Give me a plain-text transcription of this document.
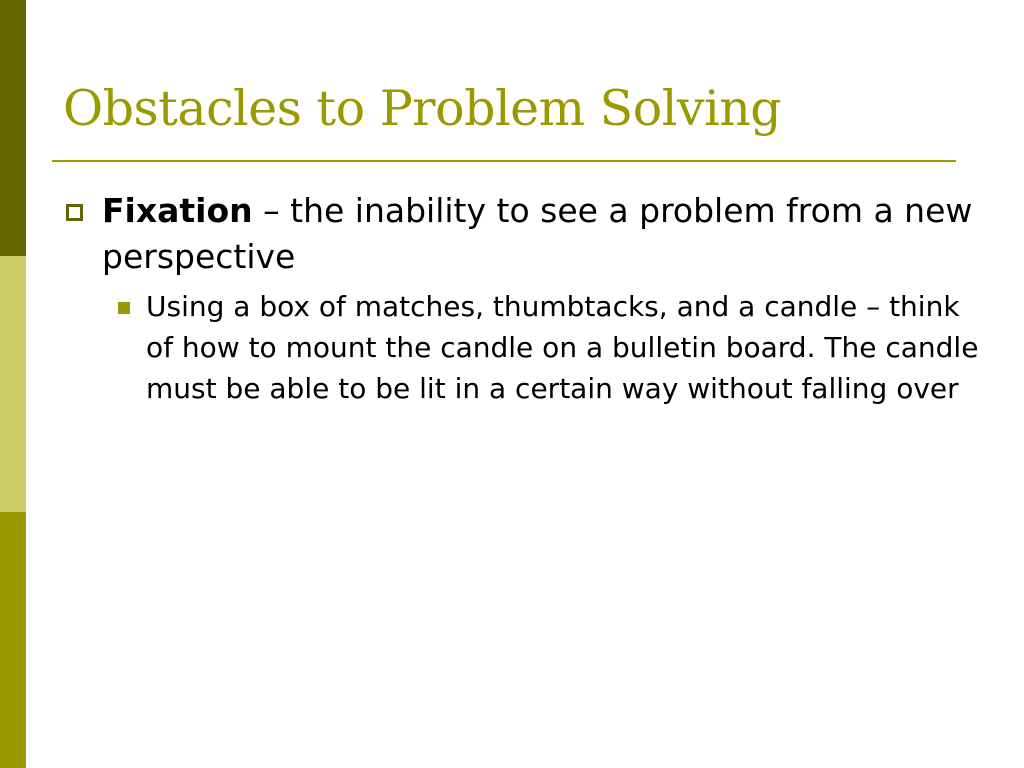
Obstacles to Problem Solving

Fixation – the inability to see a problem from a new perspective

Using a box of matches, thumbtacks, and a candle – think of how to mount the candle on a bulletin board. The candle must be able to be lit in a certain way without falling over
